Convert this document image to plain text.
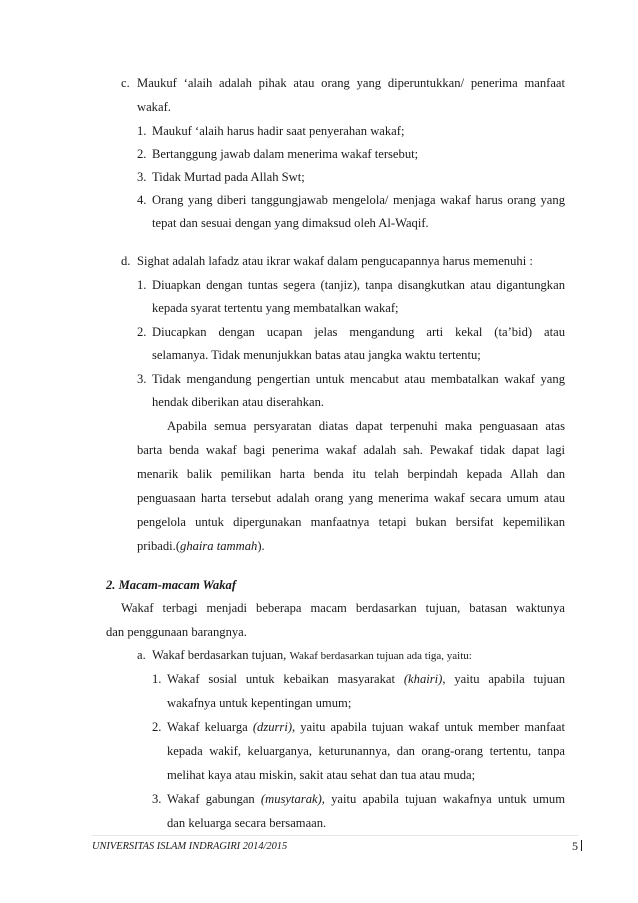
c. Maukuf ‘alaih adalah pihak atau orang yang diperuntukkan/ penerima manfaat
wakaf.
1. Maukuf ‘alaih harus hadir saat penyerahan wakaf;
2. Bertanggung jawab dalam menerima wakaf tersebut;
3. Tidak Murtad pada Allah Swt;
4. Orang yang diberi tanggungjawab mengelola/ menjaga wakaf harus orang yang
tepat dan sesuai dengan yang dimaksud oleh Al-Waqif.
d. Sighat adalah lafadz atau ikrar wakaf dalam pengucapannya harus memenuhi :
1. Diuapkan dengan tuntas segera (tanjiz), tanpa disangkutkan atau digantungkan
kepada syarat tertentu yang membatalkan wakaf;
2. Diucapkan dengan ucapan jelas mengandung arti kekal (ta’bid) atau
selamanya. Tidak menunjukkan batas atau jangka waktu tertentu;
3. Tidak mengandung pengertian untuk mencabut atau membatalkan wakaf yang
hendak diberikan atau diserahkan.
Apabila semua persyaratan diatas dapat terpenuhi maka penguasaan atas
barta benda wakaf bagi penerima wakaf adalah sah. Pewakaf tidak dapat lagi
menarik balik pemilikan harta benda itu telah berpindah kepada Allah dan
penguasaan harta tersebut adalah orang yang menerima wakaf secara umum atau
pengelola untuk dipergunakan manfaatnya tetapi bukan bersifat kepemilikan
pribadi.(ghaira tammah).
2. Macam-macam Wakaf
Wakaf terbagi menjadi beberapa macam berdasarkan tujuan, batasan waktunya
dan penggunaan barangnya.
a. Wakaf berdasarkan tujuan, Wakaf berdasarkan tujuan ada tiga, yaitu:
1. Wakaf sosial untuk kebaikan masyarakat (khairi), yaitu apabila tujuan
wakafnya untuk kepentingan umum;
2. Wakaf keluarga (dzurri), yaitu apabila tujuan wakaf untuk member manfaat
kepada wakif, keluarganya, keturunannya, dan orang-orang tertentu, tanpa
melihat kaya atau miskin, sakit atau sehat dan tua atau muda;
3. Wakaf gabungan (musytarak), yaitu apabila tujuan wakafnya untuk umum
dan keluarga secara bersamaan.
UNIVERSITAS ISLAM INDRAGIRI 2014/2015	5
